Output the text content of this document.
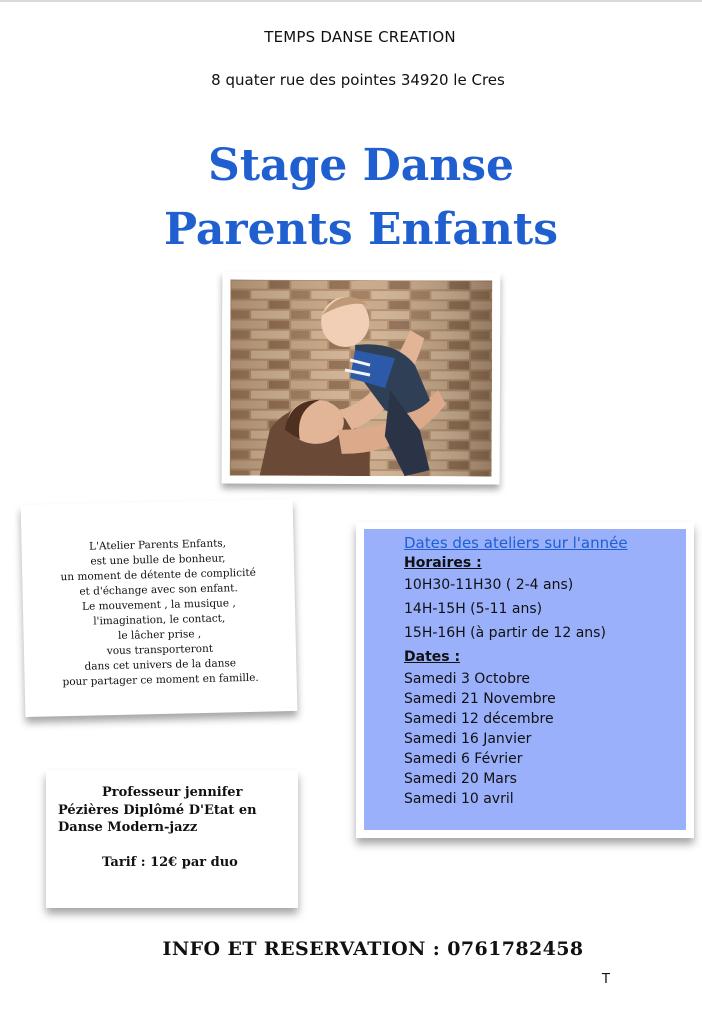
TEMPS DANSE CREATION
8 quater rue des pointes 34920 le Cres
Stage Danse
Parents Enfants
L'Atelier Parents Enfants,
est une bulle de bonheur,
un moment de détente de complicité
et d'échange avec son enfant.
Le mouvement , la musique ,
l'imagination, le contact,
le lâcher prise ,
vous transporteront
dans cet univers de la danse
pour partager ce moment en famille.
Professeur jennifer
Pézières Diplômé D'Etat en
Danse Modern-jazz
Tarif : 12€ par duo
Dates des ateliers sur l'année
Horaires :
10H30-11H30 ( 2-4 ans)
14H-15H (5-11 ans)
15H-16H (à partir de 12 ans)
Dates :
Samedi 3 Octobre
Samedi 21 Novembre
Samedi 12 décembre
Samedi 16 Janvier
Samedi 6 Février
Samedi 20 Mars
Samedi 10 avril
INFO ET RESERVATION : 0761782458
T
